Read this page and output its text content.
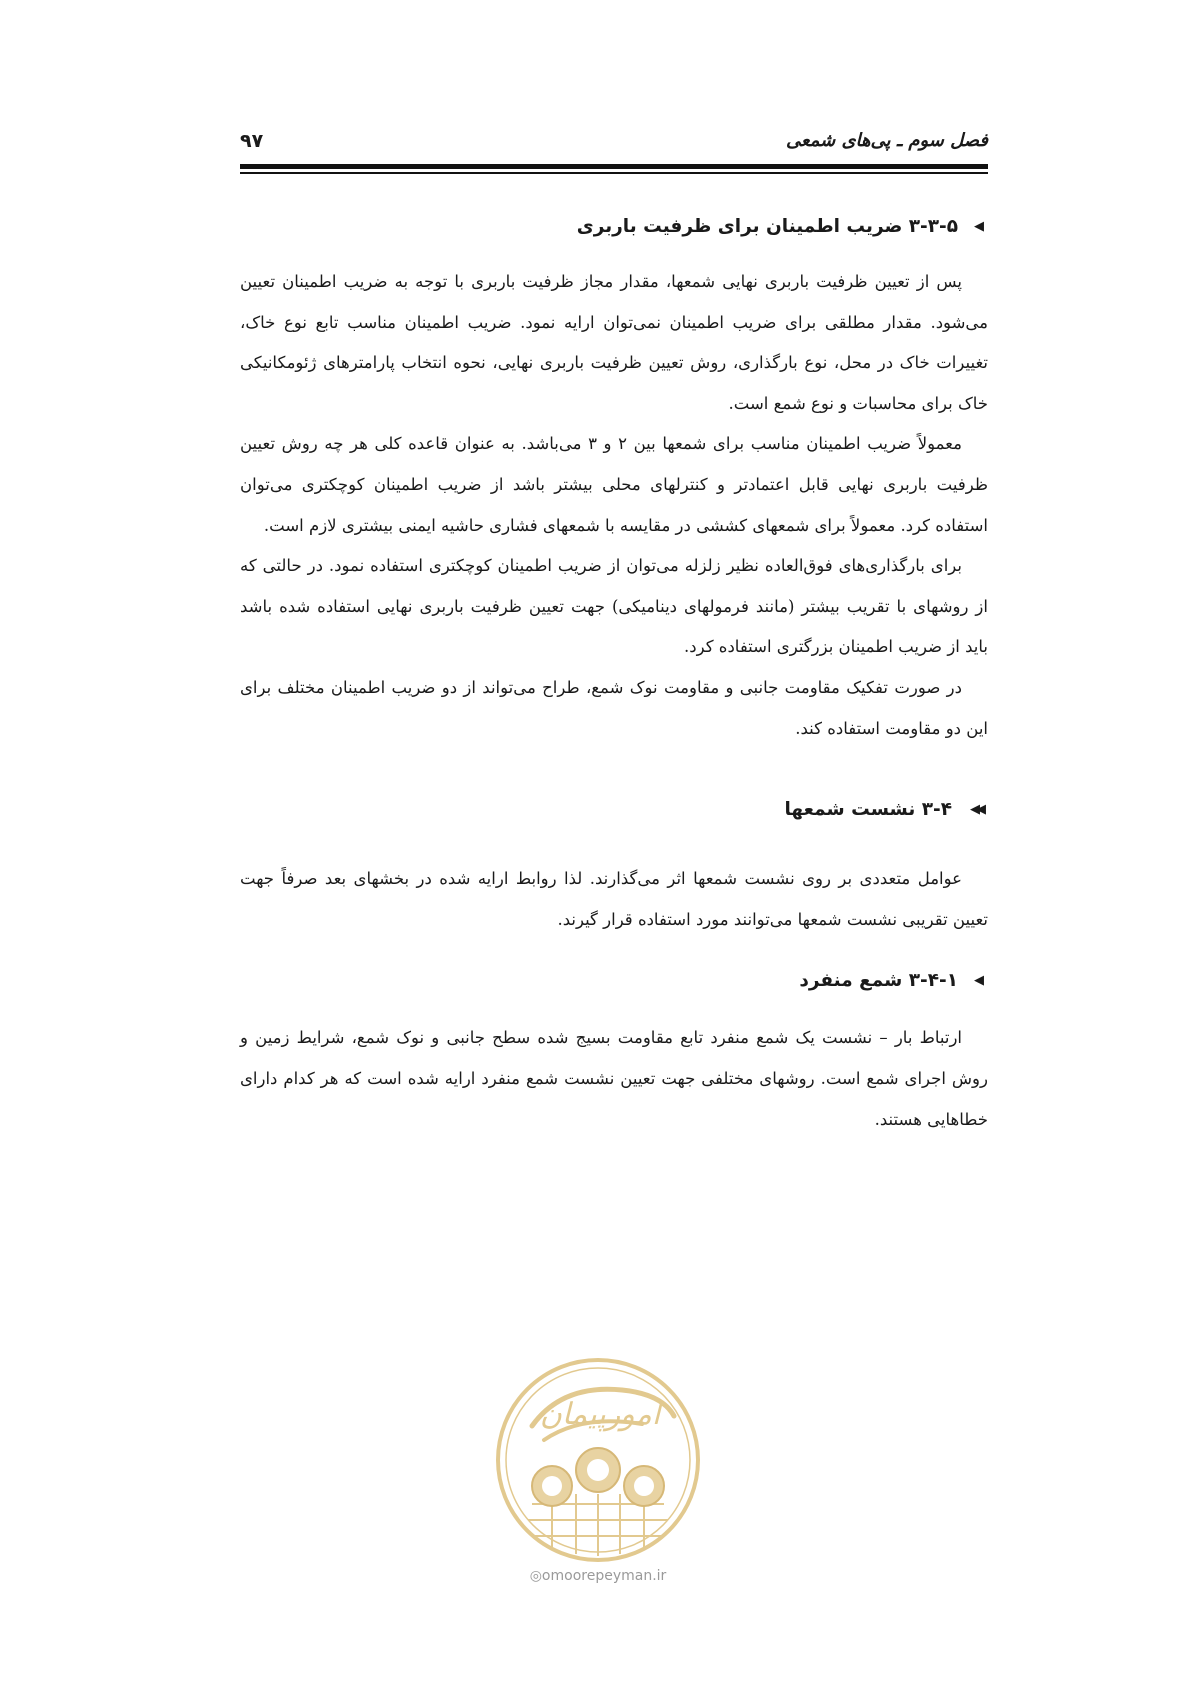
فصل سوم ـ پی‌های شمعی
۹۷
◀
۳-۳-۵ ضریب اطمینان برای ظرفیت باربری

پس از تعیین ظرفیت باربری نهایی شمعها، مقدار مجاز ظرفیت باربری با توجه به ضریب اطمینان تعیین می‌شود. مقدار مطلقی برای ضریب اطمینان نمی‌توان ارایه نمود. ضریب اطمینان مناسب تابع نوع خاک، تغییرات خاک در محل، نوع بارگذاری، روش تعیین ظرفیت باربری نهایی، نحوه انتخاب پارامترهای ژئومکانیکی خاک برای محاسبات و نوع شمع است.

معمولاً ضریب اطمینان مناسب برای شمعها بین ۲ و ۳ می‌باشد. به عنوان قاعده کلی هر چه روش تعیین ظرفیت باربری نهایی قابل اعتمادتر و کنترلهای محلی بیشتر باشد از ضریب اطمینان کوچکتری می‌توان استفاده کرد. معمولاً برای شمعهای کششی در مقایسه با شمعهای فشاری حاشیه ایمنی بیشتری لازم است.

برای بارگذاری‌های فوق‌العاده نظیر زلزله می‌توان از ضریب اطمینان کوچکتری استفاده نمود. در حالتی که از روشهای با تقریب بیشتر (مانند فرمولهای دینامیکی) جهت تعیین ظرفیت باربری نهایی استفاده شده باشد باید از ضریب اطمینان بزرگتری استفاده کرد.

در صورت تفکیک مقاومت جانبی و مقاومت نوک شمع، طراح می‌تواند از دو ضریب اطمینان مختلف برای این دو مقاومت استفاده کند.

◀◀
۳-۴ نشست شمعها

عوامل متعددی بر روی نشست شمعها اثر می‌گذارند. لذا روابط ارایه شده در بخشهای بعد صرفاً جهت تعیین تقریبی نشست شمعها می‌توانند مورد استفاده قرار گیرند.

◀
۳-۴-۱ شمع منفرد

ارتباط بار – نشست یک شمع منفرد تابع مقاومت بسیج شده سطح جانبی و نوک شمع، شرایط زمین و روش اجرای شمع است. روشهای مختلفی جهت تعیین نشست شمع منفرد ارایه شده است که هر کدام دارای خطاهایی هستند.

امورپیمان
◎omoorepeyman.ir
